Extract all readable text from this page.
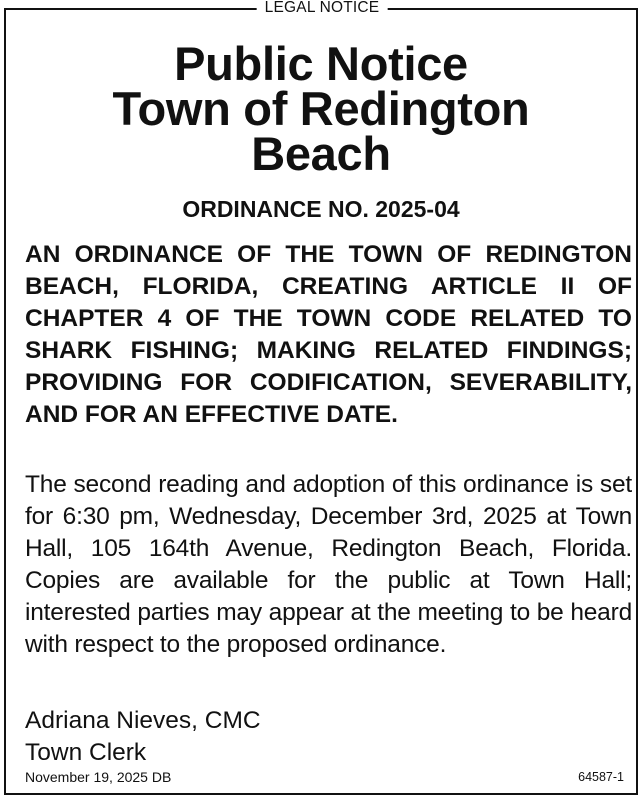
Public Notice
Town of Redington
Beach
ORDINANCE NO. 2025-04
AN ORDINANCE OF THE TOWN OF REDINGTON BEACH, FLORIDA, CREATING ARTICLE II OF CHAPTER 4 OF THE TOWN CODE RELATED TO SHARK FISHING; MAKING RELATED FINDINGS; PROVIDING FOR CODIFICATION, SEVERABILITY, AND FOR AN EFFECTIVE DATE.
The second reading and adoption of this ordinance is set for 6:30 pm, Wednesday, December 3rd, 2025 at Town Hall, 105 164th Avenue, Redington Beach, Florida. Copies are available for the public at Town Hall; interested parties may appear at the meeting to be heard with respect to the proposed ordinance.
Adriana Nieves, CMC
Town Clerk
November 19, 2025 DB	64587-1
LEGAL NOTICE
